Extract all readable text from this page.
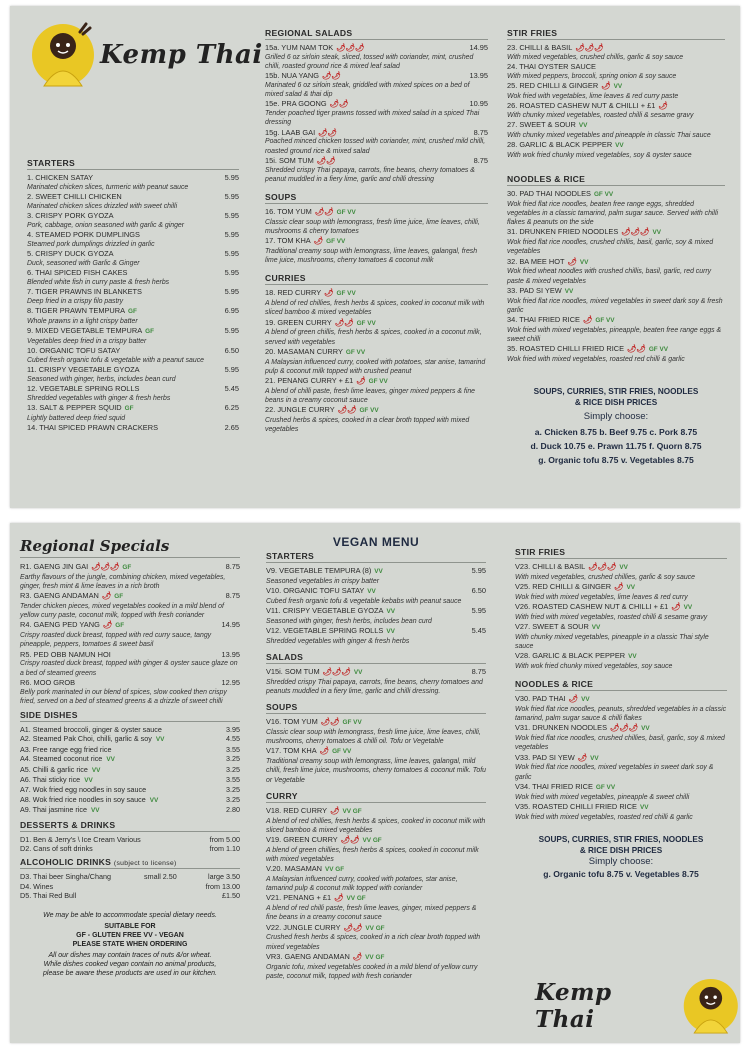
Kemp Thai
STARTERS
1. CHICKEN SATAY	5.95
Marinated chicken slices, turmeric with peanut sauce
2. SWEET CHILLI CHICKEN	5.95
Marinated chicken slices drizzled with sweet chilli
3. CRISPY PORK GYOZA	5.95
Pork, cabbage, onion seasoned with garlic & ginger
4. STEAMED PORK DUMPLINGS	5.95
Steamed pork dumplings drizzled in garlic
5. CRISPY DUCK GYOZA	5.95
Duck, seasoned with Garlic & Ginger
6. THAI SPICED FISH CAKES	5.95
Blended white fish in curry paste & fresh herbs
7. TIGER PRAWNS IN BLANKETS	5.95
Deep fried in a crispy filo pastry
8. TIGER PRAWN TEMPURA GF	6.95
Whole prawns in a light crispy batter
9. MIXED VEGETABLE TEMPURA GF	5.95
Vegetables deep fried in a crispy batter
10. ORGANIC TOFU SATAY	6.50
Cubed fresh organic tofu & vegetable with a peanut sauce
11. CRISPY VEGETABLE GYOZA	5.95
Seasoned with ginger, herbs, includes bean curd
12. VEGETABLE SPRING ROLLS	5.45
Shredded vegetables with ginger & fresh herbs
13. SALT & PEPPER SQUID GF	6.25
Lightly battered deep fried squid
14. THAI SPICED PRAWN CRACKERS	2.65
REGIONAL SALADS
15a. YUM NAM TOK 🌶🌶🌶	14.95
Grilled 6 oz sirloin steak, sliced, tossed with coriander, mint, crushed chilli, roasted ground rice & mixed leaf salad
15b. NUA YANG 🌶🌶	13.95
Marinated 6 oz sirloin steak, griddled with mixed spices on a bed of mixed salad & thai dip
15e. PRA GOONG 🌶🌶	10.95
Tender poached tiger prawns tossed with mixed salad in a spiced Thai dressing
15g. LAAB GAI 🌶🌶	8.75
Poached minced chicken tossed with coriander, mint, crushed mild chilli, roasted ground rice & mixed salad
15i. SOM TUM 🌶🌶	8.75
Shredded crispy Thai papaya, carrots, fine beans, cherry tomatoes & peanut muddled in a fiery lime, garlic and chilli dressing
SOUPS
16. TOM YUM 🌶🌶 GF VV
Classic clear soup with lemongrass, fresh lime juice, lime leaves, chilli, mushrooms & cherry tomatoes
17. TOM KHA 🌶 GF VV
Traditional creamy soup with lemongrass, lime leaves, galangal, fresh lime juice, mushrooms, cherry tomatoes & coconut milk
CURRIES
18. RED CURRY 🌶 GF VV
A blend of red chillies, fresh herbs & spices, cooked in coconut milk with sliced bamboo & mixed vegetables
19. GREEN CURRY 🌶🌶 GF VV
A blend of green chillis, fresh herbs & spices, cooked in a coconut milk, served with vegetables
20. MASAMAN CURRY GF VV
A Malaysian influenced curry, cooked with potatoes, star anise, tamarind pulp & coconut milk topped with crushed peanut
21. PENANG CURRY + £1 🌶 GF VV
A blend of chilli paste, fresh lime leaves, ginger mixed peppers & fine beans in a creamy coconut sauce
22. JUNGLE CURRY 🌶🌶 GF VV
Crushed herbs & spices, cooked in a clear broth topped with mixed vegetables
STIR FRIES
23. CHILLI & BASIL 🌶🌶🌶
With mixed vegetables, crushed chillis, garlic & soy sauce
24. THAI OYSTER SAUCE
With mixed peppers, broccoli, spring onion & soy sauce
25. RED CHILLI & GINGER 🌶 VV
Wok fried with vegetables, lime leaves & red curry paste
26. ROASTED CASHEW NUT & CHILLI + £1 🌶
With chunky mixed vegetables, roasted chilli & sesame gravy
27. SWEET & SOUR VV
With chunky mixed vegetables and pineapple in classic Thai sauce
28. GARLIC & BLACK PEPPER VV
With wok fried chunky mixed vegetables, soy & oyster sauce
NOODLES & RICE
30. PAD THAI NOODLES GF VV
Wok fried flat rice noodles, beaten free range eggs, shredded vegetables in a classic tamarind, palm sugar sauce. Served with chilli flakes & peanuts on the side
31. DRUNKEN FRIED NOODLES 🌶🌶🌶 VV
Wok fried flat rice noodles, crushed chillis, basil, garlic, soy & mixed vegetables
32. BA MEE HOT 🌶 VV
Wok fried wheat noodles with crushed chillis, basil, garlic, red curry paste & mixed vegetables
33. PAD SI YEW VV
Wok fried flat rice noodles, mixed vegetables in sweet dark soy & fresh garlic
34. THAI FRIED RICE 🌶 GF VV
Wok fried with mixed vegetables, pineapple, beaten free range eggs & sweet chilli
35. ROASTED CHILLI FRIED RICE 🌶🌶 GF VV
Wok fried with mixed vegetables, roasted red chilli & garlic
SOUPS, CURRIES, STIR FRIES, NOODLES
& RICE DISH PRICES
Simply choose:
a. Chicken 8.75 b. Beef 9.75 c. Pork 8.75
d. Duck 10.75 e. Prawn 11.75 f. Quorn 8.75
g. Organic tofu 8.75 v. Vegetables 8.75
Regional Specials
R1. GAENG JIN GAI 🌶🌶🌶 GF	8.75
Earthy flavours of the jungle, combining chicken, mixed vegetables, ginger, fresh mint & lime leaves in a rich broth
R3. GAENG ANDAMAN 🌶 GF	8.75
Tender chicken pieces, mixed vegetables cooked in a mild blend of yellow curry paste, coconut milk, topped with fresh coriander
R4. GAENG PED YANG 🌶 GF	14.95
Crispy roasted duck breast, topped with red curry sauce, tangy pineapple, peppers, tomatoes & sweet basil
R5. PED OBB NAMUN HOI	13.95
Crispy roasted duck breast, topped with ginger & oyster sauce glaze on a bed of steamed greens
R6. MOO GROB	12.95
Belly pork marinated in our blend of spices, slow cooked then crispy fried, served on a bed of steamed greens & a drizzle of sweet chilli
SIDE DISHES
A1. Steamed broccoli, ginger & oyster sauce	3.95
A2. Steamed Pak Choi, chilli, garlic & soy VV	4.55
A3. Free range egg fried rice	3.55
A4. Steamed coconut rice VV	3.25
A5. Chilli & garlic rice VV	3.25
A6. Thai sticky rice VV	3.55
A7. Wok fried egg noodles in soy sauce	3.25
A8. Wok fried rice noodles in soy sauce VV	3.25
A9. Thai jasmine rice VV	2.80
DESSERTS & DRINKS
D1. Ben & Jerry's \ Ice Cream Various	from 5.00
D2. Cans of soft drinks	from 1.10
ALCOHOLIC DRINKS (subject to license)
D3. Thai beer Singha/Chang	small 2.50	large 3.50
D4. Wines	from 13.00
D5. Thai Red Bull	£1.50
We may be able to accommodate special dietary needs.
SUITABLE FOR
GF - GLUTEN FREE VV - VEGAN
PLEASE STATE WHEN ORDERING
All our dishes may contain traces of nuts &/or wheat.
While dishes cooked vegan contain no animal products,
please be aware these products are used in our kitchen.
VEGAN MENU
STARTERS
V9. VEGETABLE TEMPURA (8) VV	5.95
Seasoned vegetables in crispy batter
V10. ORGANIC TOFU SATAY VV	6.50
Cubed fresh organic tofu & vegetable kebabs with peanut sauce
V11. CRISPY VEGETABLE GYOZA VV	5.95
Seasoned with ginger, fresh herbs, includes bean curd
V12. VEGETABLE SPRING ROLLS VV	5.45
Shredded vegetables with ginger & fresh herbs
SALADS
V15i. SOM TUM 🌶🌶🌶 VV	8.75
Shredded crispy Thai papaya, carrots, fine beans, cherry tomatoes and peanuts muddled in a fiery lime, garlic and chilli dressing.
SOUPS
V16. TOM YUM 🌶🌶 GF VV
Classic clear soup with lemongrass, fresh lime juice, lime leaves, chilli, mushrooms, cherry tomatoes & chilli oil. Tofu or Vegetable
V17. TOM KHA 🌶 GF VV
Traditional creamy soup with lemongrass, lime leaves, galangal, mild chilli, fresh lime juice, mushrooms, cherry tomatoes & coconut milk. Tofu or Vegetable
CURRY
V18. RED CURRY 🌶 VV GF
A blend of red chillies, fresh herbs & spices, cooked in coconut milk with sliced bamboo & mixed vegetables
V19. GREEN CURRY 🌶🌶 VV GF
A blend of green chillies, fresh herbs & spices, cooked in coconut milk with mixed vegetables
V.20. MASAMAN VV GF
A Malaysian influenced curry, cooked with potatoes, star anise, tamarind pulp & coconut milk topped with coriander
V21. PENANG + £1 🌶 VV GF
A blend of red chilli paste, fresh lime leaves, ginger, mixed peppers & fine beans in a creamy coconut sauce
V22. JUNGLE CURRY 🌶🌶 VV GF
Crushed fresh herbs & spices, cooked in a rich clear broth topped with mixed vegetables
VR3. GAENG ANDAMAN 🌶 VV GF
Organic tofu, mixed vegetables cooked in a mild blend of yellow curry paste, coconut milk, topped with fresh coriander
STIR FRIES
V23. CHILLI & BASIL 🌶🌶🌶 VV
With mixed vegetables, crushed chillies, garlic & soy sauce
V25. RED CHILLI & GINGER 🌶 VV
Wok fried with mixed vegetables, lime leaves & red curry
V26. ROASTED CASHEW NUT & CHILLI + £1 🌶 VV
With fried with mixed vegetables, roasted chilli & sesame gravy
V27. SWEET & SOUR VV
With chunky mixed vegetables, pineapple in a classic Thai style sauce
V28. GARLIC & BLACK PEPPER VV
With wok fried chunky mixed vegetables, soy sauce
NOODLES & RICE
V30. PAD THAI 🌶 VV
Wok fried flat rice noodles, peanuts, shredded vegetables in a classic tamarind, palm sugar sauce & chilli flakes
V31. DRUNKEN NOODLES 🌶🌶🌶 VV
Wok fried flat rice noodles, crushed chillies, basil, garlic, soy & mixed vegetables
V33. PAD SI YEW 🌶 VV
Wok fried flat rice noodles, mixed vegetables in sweet dark soy & garlic
V34. THAI FRIED RICE GF VV
Wok fried with mixed vegetables, pineapple & sweet chilli
V35. ROASTED CHILLI FRIED RICE VV
Wok fried with mixed vegetables, roasted red chilli & garlic
SOUPS, CURRIES, STIR FRIES, NOODLES
& RICE DISH PRICES
Simply choose:
g. Organic tofu 8.75 v. Vegetables 8.75
Kemp Thai
